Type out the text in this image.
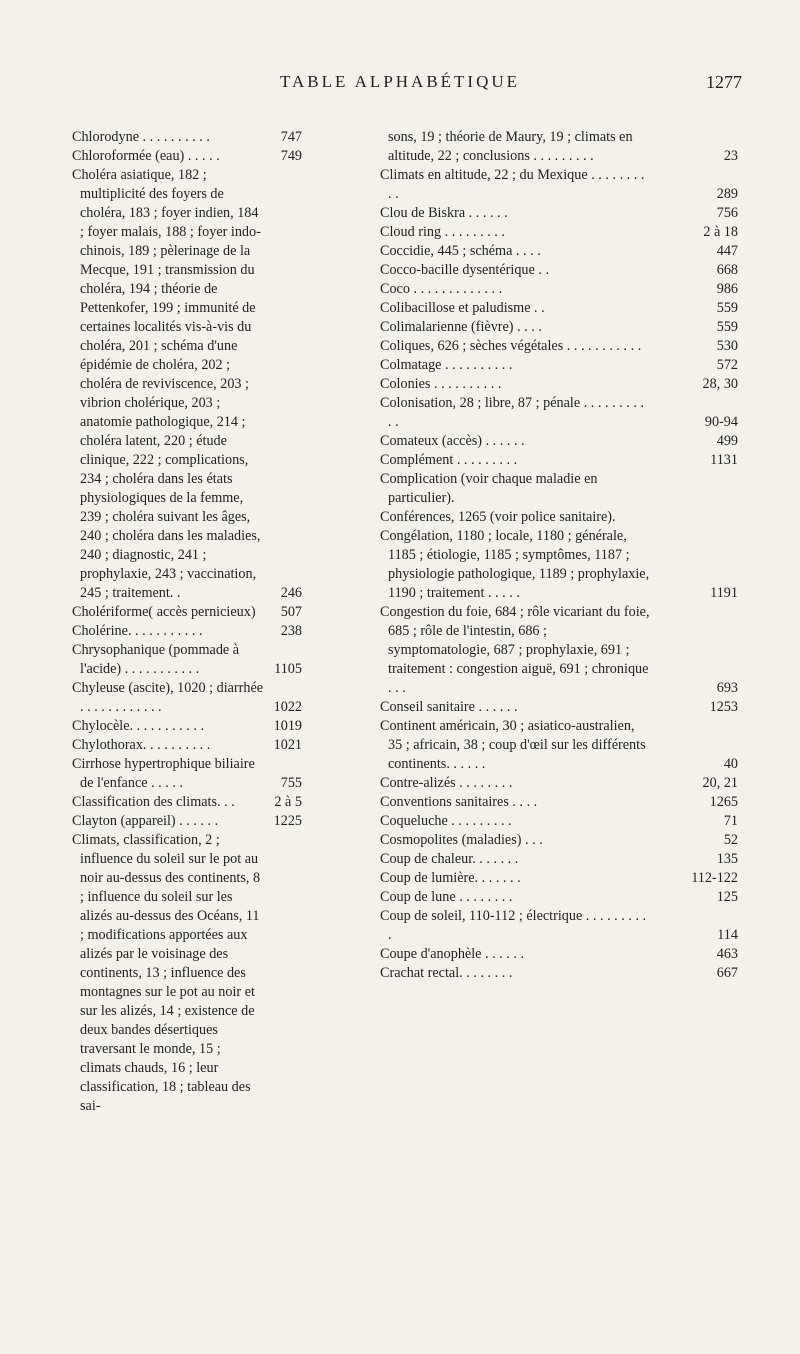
TABLE ALPHABÉTIQUE	1277
Chlorodyne . . . . . . . . . .	747
Chloroformée (eau) . . . . .	749
Choléra asiatique, 182 ; multiplicité des foyers de choléra, 183 ; foyer indien, 184 ; foyer malais, 188 ; foyer indo-chinois, 189 ; pèlerinage de la Mecque, 191 ; transmission du choléra, 194 ; théorie de Pettenkofer, 199 ; immunité de certaines localités vis-à-vis du choléra, 201 ; schéma d'une épidémie de choléra, 202 ; choléra de reviviscence, 203 ; vibrion cholérique, 203 ; anatomie pathologique, 214 ; choléra latent, 220 ; étude clinique, 222 ; complications, 234 ; choléra dans les états physiologiques de la femme, 239 ; choléra suivant les âges, 240 ; choléra dans les maladies, 240 ; diagnostic, 241 ; prophylaxie, 243 ; vaccination, 245 ; traitement. .	246
Cholériforme( accès pernicieux)	507
Cholérine. . . . . . . . . . .	238
Chrysophanique (pommade à l'acide) . . . . . . . . . . .	1105
Chyleuse (ascite), 1020 ; diarrhée . . . . . . . . . . . .	1022
Chylocèle. . . . . . . . . . .	1019
Chylothorax. . . . . . . . . .	1021
Cirrhose hypertrophique biliaire de l'enfance . . . . .	755
Classification des climats. . .	2 à 5
Clayton (appareil) . . . . . .	1225
Climats, classification, 2 ; influence du soleil sur le pot au noir au-dessus des continents, 8 ; influence du soleil sur les alizés au-dessus des Océans, 11 ; modifications apportées aux alizés par le voisinage des continents, 13 ; influence des montagnes sur le pot au noir et sur les alizés, 14 ; existence de deux bandes désertiques traversant le monde, 15 ; climats chauds, 16 ; leur classification, 18 ; tableau des sai-
sons, 19 ; théorie de Maury, 19 ; climats en altitude, 22 ; conclusions . . . . . . . . .	23
Climats en altitude, 22 ; du Mexique . . . . . . . . . .	289
Clou de Biskra . . . . . .	756
Cloud ring . . . . . . . . .	2 à 18
Coccidie, 445 ; schéma . . . .	447
Cocco-bacille dysentérique . .	668
Coco . . . . . . . . . . . . .	986
Colibacillose et paludisme . .	559
Colimalarienne (fièvre) . . . .	559
Coliques, 626 ; sèches végétales . . . . . . . . . . .	530
Colmatage . . . . . . . . . .	572
Colonies . . . . . . . . . .	28, 30
Colonisation, 28 ; libre, 87 ; pénale . . . . . . . . . . .	90-94
Comateux (accès) . . . . . .	499
Complément . . . . . . . . .	1131
Complication (voir chaque maladie en particulier).
Conférences, 1265 (voir police sanitaire).
Congélation, 1180 ; locale, 1180 ; générale, 1185 ; étiologie, 1185 ; symptômes, 1187 ; physiologie pathologique, 1189 ; prophylaxie, 1190 ; traitement . . . . .	1191
Congestion du foie, 684 ; rôle vicariant du foie, 685 ; rôle de l'intestin, 686 ; symptomatologie, 687 ; prophylaxie, 691 ; traitement : congestion aiguë, 691 ; chronique . . .	693
Conseil sanitaire . . . . . .	1253
Continent américain, 30 ; asiatico-australien, 35 ; africain, 38 ; coup d'œil sur les différents continents. . . . . .	40
Contre-alizés . . . . . . . .	20, 21
Conventions sanitaires . . . .	1265
Coqueluche . . . . . . . . .	71
Cosmopolites (maladies) . . .	52
Coup de chaleur. . . . . . .	135
Coup de lumière. . . . . . .	112-122
Coup de lune . . . . . . . .	125
Coup de soleil, 110-112 ; électrique . . . . . . . . . .	114
Coupe d'anophèle . . . . . .	463
Crachat rectal. . . . . . . .	667
